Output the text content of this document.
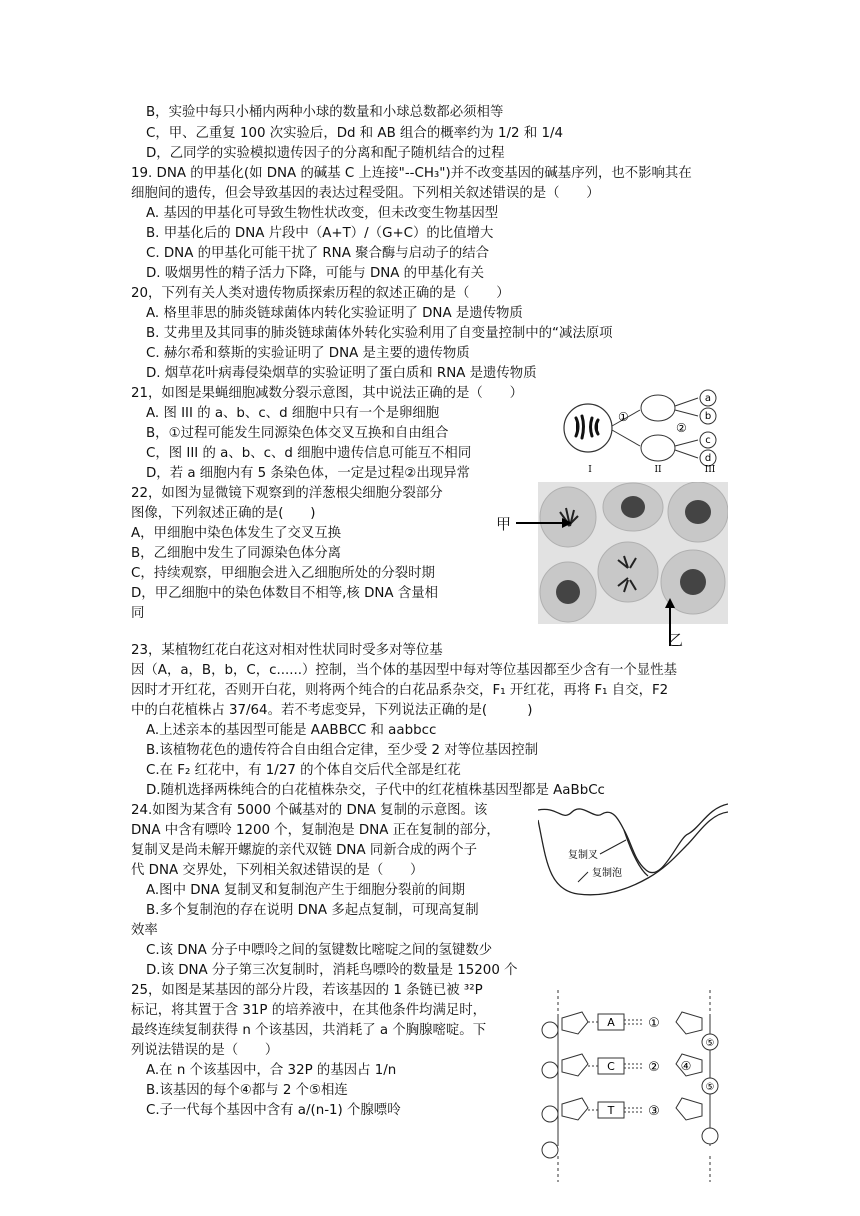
B，实验中每只小桶内两种小球的数量和小球总数都必须相等
C，甲、乙重复 100 次实验后，Dd 和 AB 组合的概率约为 1/2 和 1/4
D，乙同学的实验模拟遗传因子的分离和配子随机结合的过程
19. DNA 的甲基化(如 DNA 的碱基 C 上连接"--CH₃")并不改变基因的碱基序列，也不影响其在
细胞间的遗传，但会导致基因的表达过程受阻。下列相关叙述错误的是（　　）
A. 基因的甲基化可导致生物性状改变，但未改变生物基因型
B. 甲基化后的 DNA 片段中（A+T）/（G+C）的比值增大
C. DNA 的甲基化可能干扰了 RNA 聚合酶与启动子的结合
D. 吸烟男性的精子活力下降，可能与 DNA 的甲基化有关
20，下列有关人类对遗传物质探索历程的叙述正确的是（　　）
A. 格里菲思的肺炎链球菌体内转化实验证明了 DNA 是遗传物质
B. 艾弗里及其同事的肺炎链球菌体外转化实验利用了自变量控制中的“减法原项
C. 赫尔希和蔡斯的实验证明了 DNA 是主要的遗传物质
D. 烟草花叶病毒侵染烟草的实验证明了蛋白质和 RNA 是遗传物质
21，如图是果蝇细胞减数分裂示意图，其中说法正确的是（　　）
A. 图 III 的 a、b、c、d 细胞中只有一个是卵细胞
B，①过程可能发生同源染色体交叉互换和自由组合
C，图 III 的 a、b、c、d 细胞中遗传信息可能互不相同
D，若 a 细胞内有 5 条染色体，一定是过程②出现异常
22，如图为显微镜下观察到的洋葱根尖细胞分裂部分
图像，下列叙述正确的是(　　)
A，甲细胞中染色体发生了交叉互换
B，乙细胞中发生了同源染色体分离
C，持续观察，甲细胞会进入乙细胞所处的分裂时期
D，甲乙细胞中的染色体数目不相等,核 DNA 含量相
同
23，某植物红花白花这对相对性状同时受多对等位基
因（A，a，B，b，C，c......）控制，当个体的基因型中每对等位基因都至少含有一个显性基
因时才开红花，否则开白花，则将两个纯合的白花品系杂交，F₁ 开红花，再将 F₁ 自交，F2
中的白花植株占 37/64。若不考虑变异，下列说法正确的是(　　　)
A.上述亲本的基因型可能是 AABBCC 和 aabbcc
B.该植物花色的遗传符合自由组合定律，至少受 2 对等位基因控制
C.在 F₂ 红花中，有 1/27 的个体自交后代全部是红花
D.随机选择两株纯合的白花植株杂交，子代中的红花植株基因型都是 AaBbCc
24.如图为某含有 5000 个碱基对的 DNA 复制的示意图。该
DNA 中含有嘌呤 1200 个，复制泡是 DNA 正在复制的部分，
复制叉是尚未解开螺旋的亲代双链 DNA 同新合成的两个子
代 DNA 交界处，下列相关叙述错误的是（　　）
A.图中 DNA 复制叉和复制泡产生于细胞分裂前的间期
B.多个复制泡的存在说明 DNA 多起点复制，可现高复制
效率
C.该 DNA 分子中嘌呤之间的氢键数比嘧啶之间的氢键数少
D.该 DNA 分子第三次复制时，消耗鸟嘌呤的数量是 15200 个
25，如图是某基因的部分片段，若该基因的 1 条链已被 ³²P
标记，将其置于含 31P 的培养液中，在其他条件均满足时，
最终连续复制获得 n 个该基因，共消耗了 a 个胸腺嘧啶。下
列说法错误的是（　　）
A.在 n 个该基因中，合 32P 的基因占 1/n
B.该基因的每个④都与 2 个⑤相连
C.子一代每个基因中含有 a/(n-1) 个腺嘌呤
①
②
a
b
c
d
I	II	III
甲
乙
复制叉
复制泡
A
C
T
①
②
③
⑤
④
⑤
